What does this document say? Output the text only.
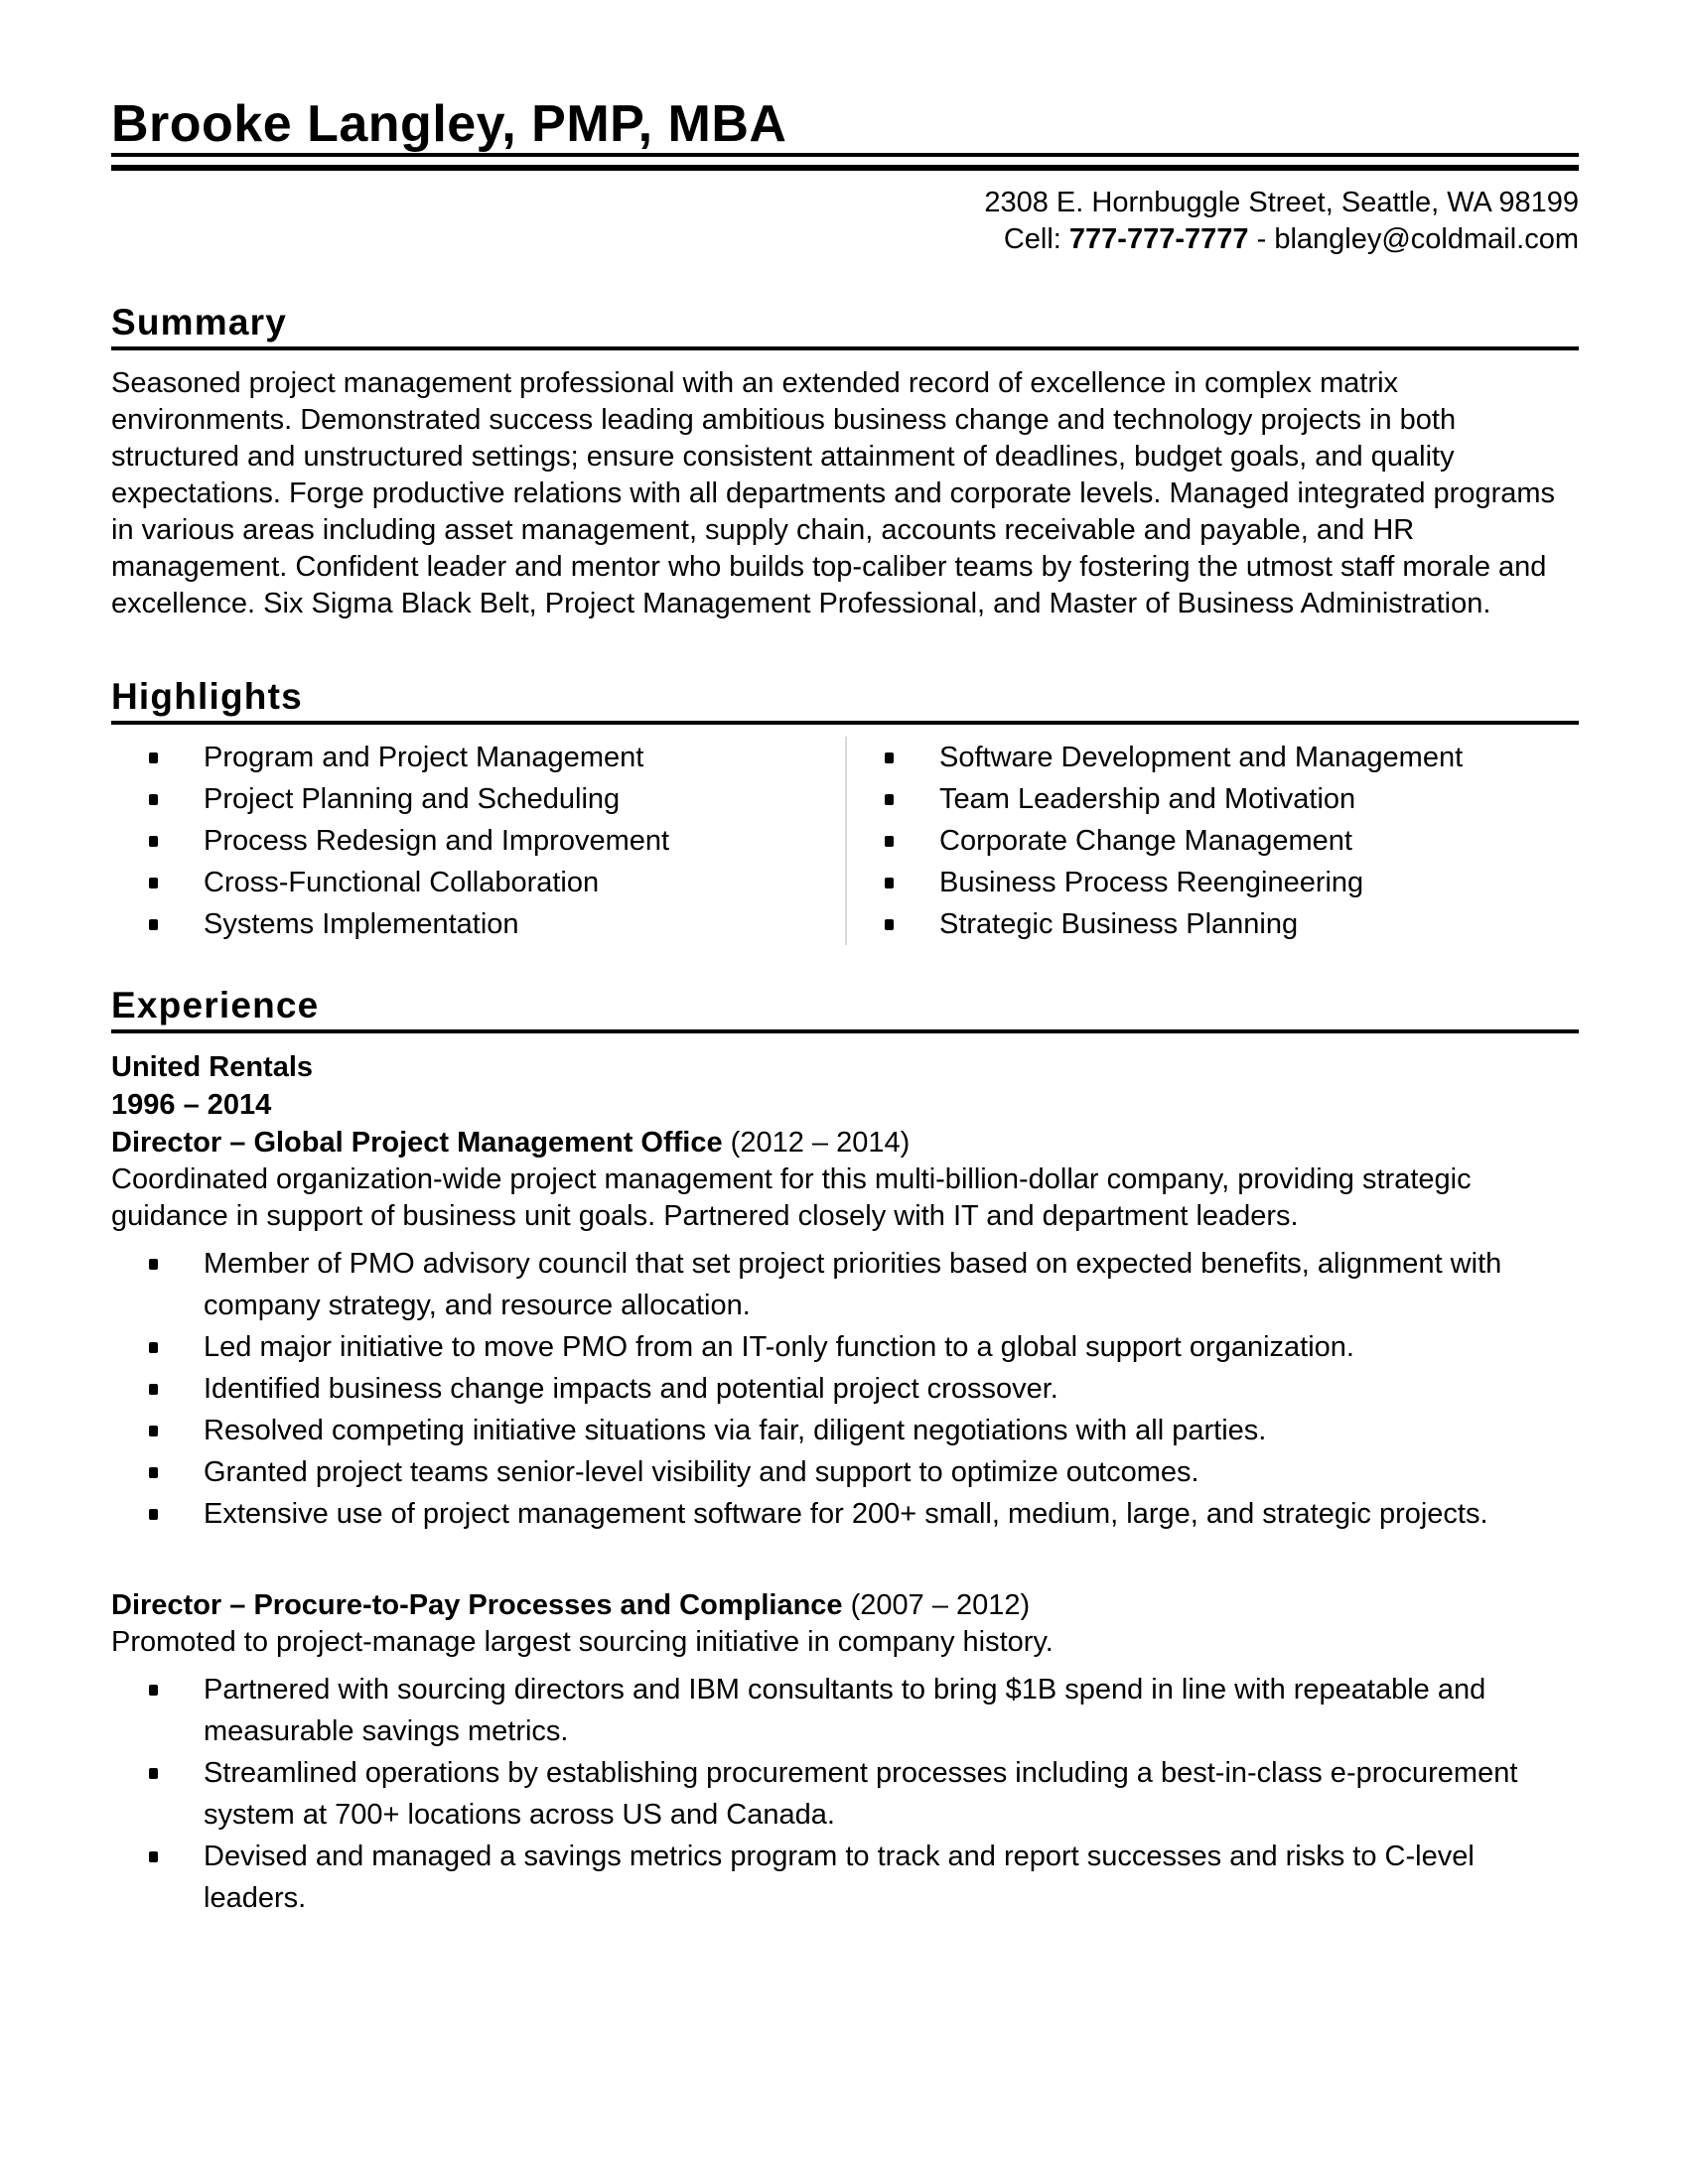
Brooke Langley, PMP, MBA
2308 E. Hornbuggle Street, Seattle, WA 98199
Cell: 777-777-7777 - blangley@coldmail.com
Summary

Seasoned project management professional with an extended record of excellence in complex matrix environments. Demonstrated success leading ambitious business change and technology projects in both structured and unstructured settings; ensure consistent attainment of deadlines, budget goals, and quality expectations. Forge productive relations with all departments and corporate levels. Managed integrated programs in various areas including asset management, supply chain, accounts receivable and payable, and HR management. Confident leader and mentor who builds top-caliber teams by fostering the utmost staff morale and excellence. Six Sigma Black Belt, Project Management Professional, and Master of Business Administration.

Highlights
Program and Project Management
Project Planning and Scheduling
Process Redesign and Improvement
Cross-Functional Collaboration
Systems Implementation
Software Development and Management
Team Leadership and Motivation
Corporate Change Management
Business Process Reengineering
Strategic Business Planning
Experience

United Rentals

1996 – 2014

Director – Global Project Management Office (2012 – 2014)

Coordinated organization-wide project management for this multi-billion-dollar company, providing strategic guidance in support of business unit goals. Partnered closely with IT and department leaders.

Member of PMO advisory council that set project priorities based on expected benefits, alignment with company strategy, and resource allocation.
Led major initiative to move PMO from an IT-only function to a global support organization.
Identified business change impacts and potential project crossover.
Resolved competing initiative situations via fair, diligent negotiations with all parties.
Granted project teams senior-level visibility and support to optimize outcomes.
Extensive use of project management software for 200+ small, medium, large, and strategic projects.

Director – Procure-to-Pay Processes and Compliance (2007 – 2012)

Promoted to project-manage largest sourcing initiative in company history.

Partnered with sourcing directors and IBM consultants to bring $1B spend in line with repeatable and measurable savings metrics.
Streamlined operations by establishing procurement processes including a best-in-class e-procurement system at 700+ locations across US and Canada.
Devised and managed a savings metrics program to track and report successes and risks to C-level leaders.
